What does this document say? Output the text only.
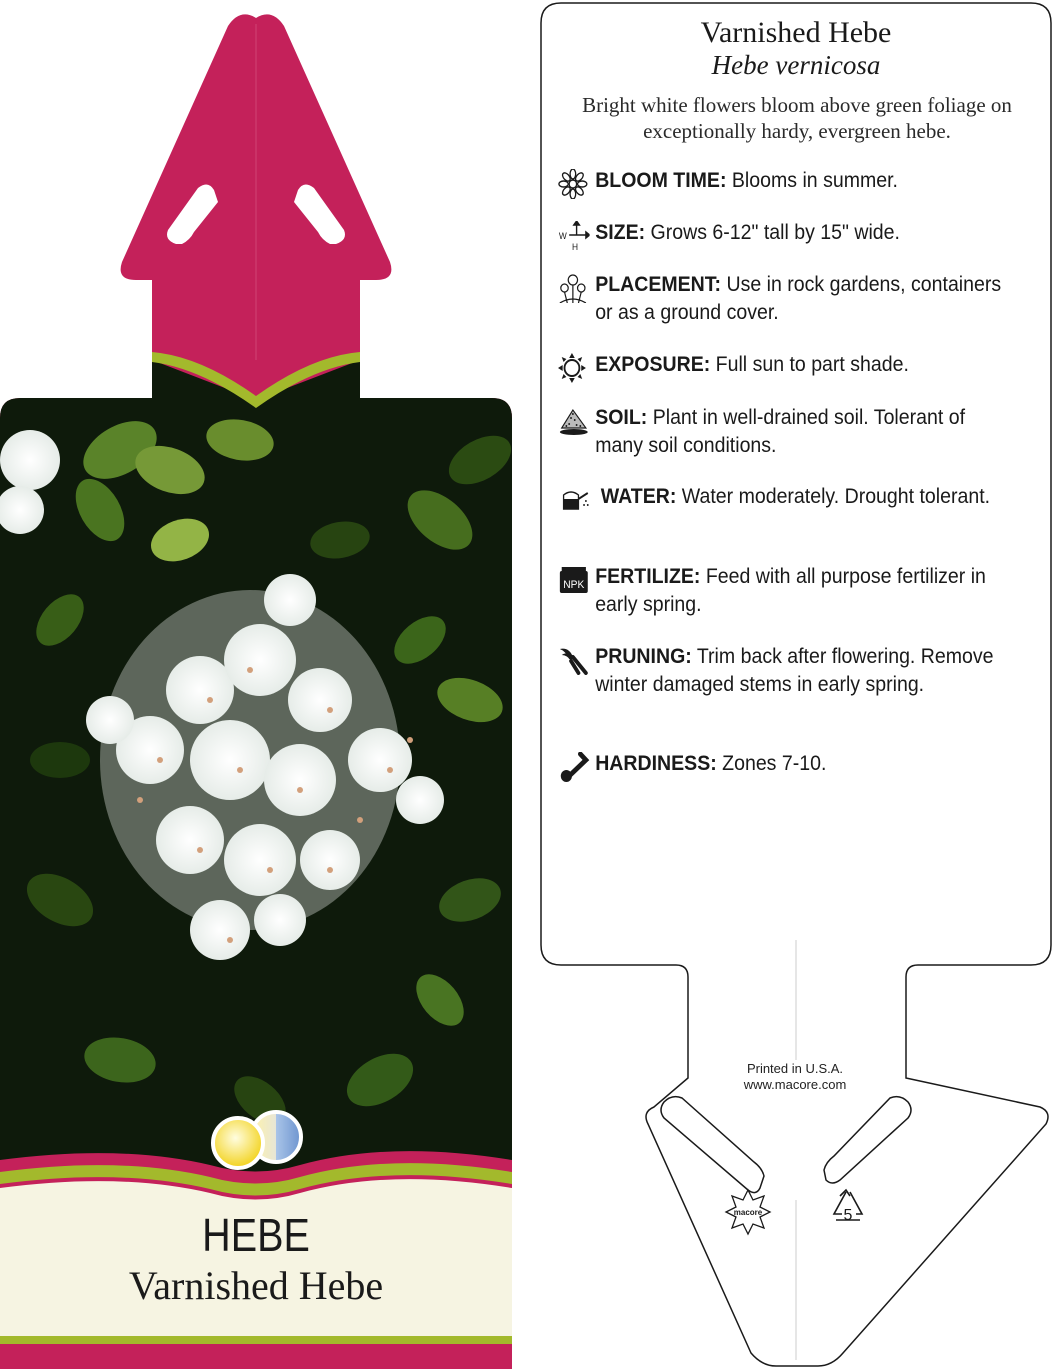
HEBE
Varnished Hebe
macore	5
Varnished Hebe
Hebe vernicosa
Bright white flowers bloom above green foliage on exceptionally hardy, evergreen hebe.
BLOOM TIME: Blooms in summer.
W
H
SIZE: Grows 6-12" tall by 15" wide.
PLACEMENT: Use in rock gardens, containers or as a ground cover.
EXPOSURE: Full sun to part shade.
SOIL: Plant in well-drained soil. Tolerant of many soil conditions.
WATER: Water moderately. Drought tolerant.
NPK FERTILIZE: Feed with all purpose fertilizer in early spring.
PRUNING: Trim back after flowering. Remove winter damaged stems in early spring.
HARDINESS: Zones 7-10.
Printed in U.S.A.
www.macore.com
